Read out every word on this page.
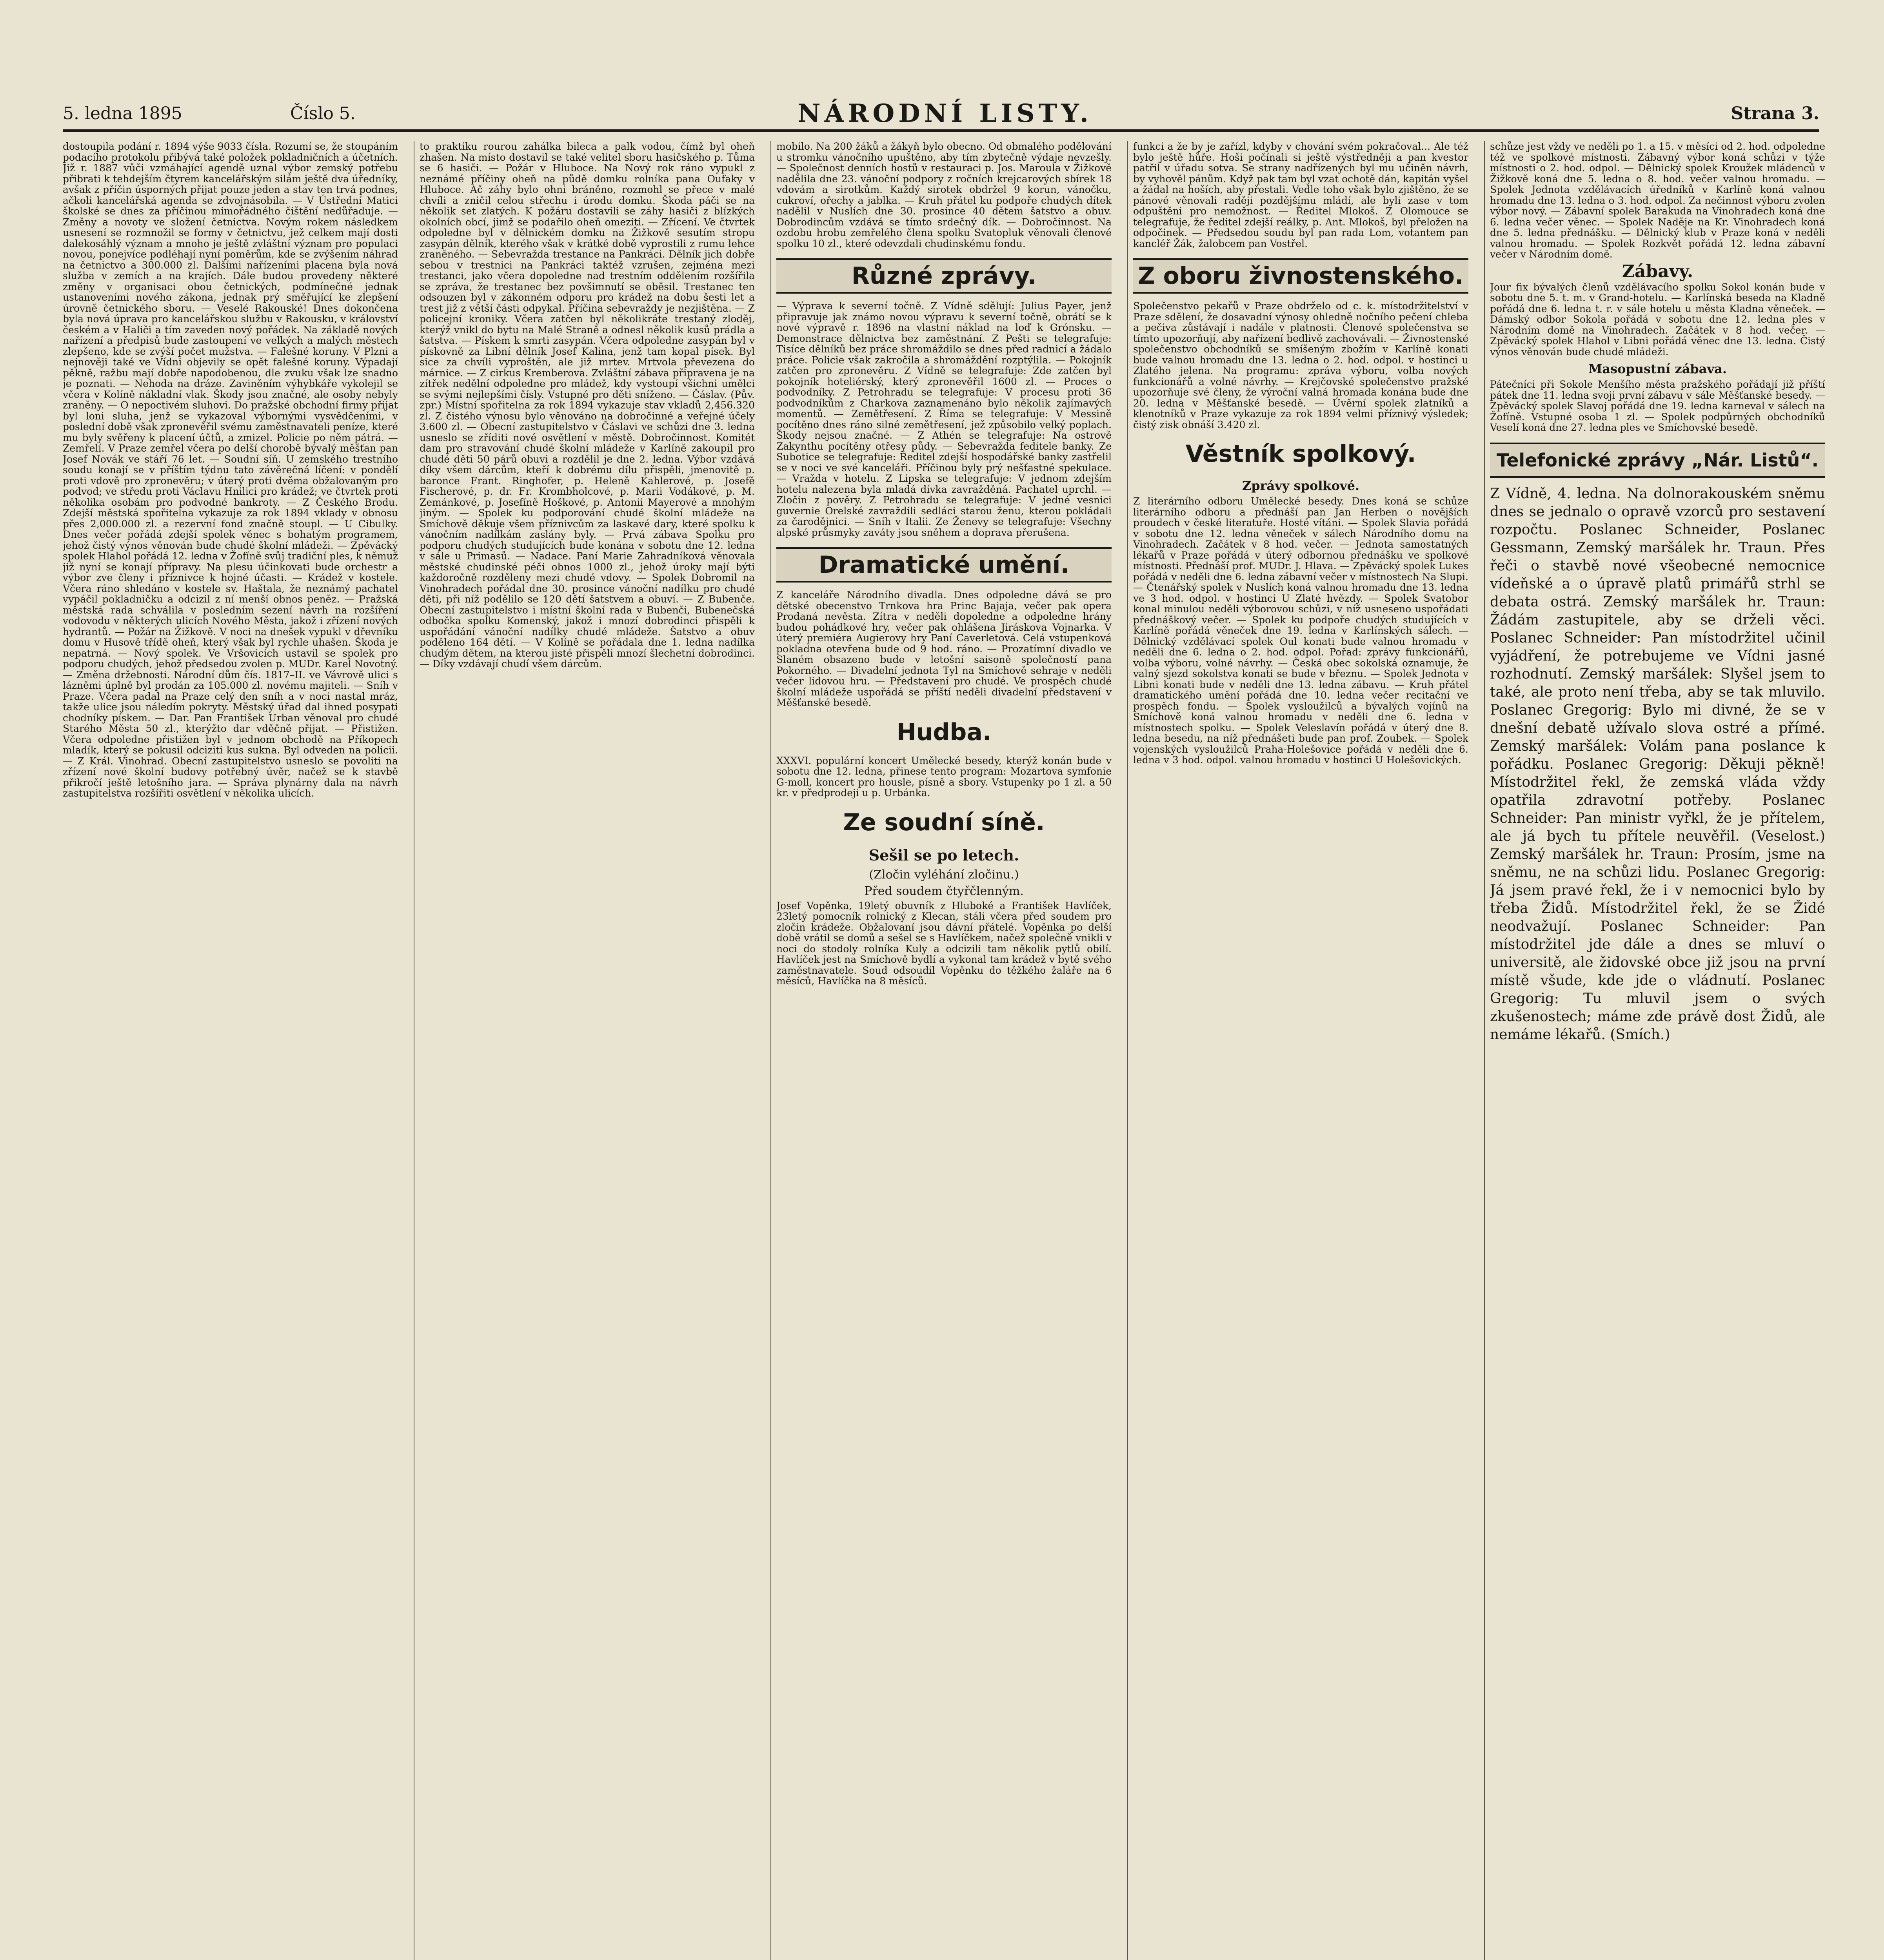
5. ledna 1895	Číslo 5.	NÁRODNÍ LISTY.	Strana 3.
dostoupila podání r. 1894 výše 9033 čísla. Rozumí se, že stoupáním podacího protokolu přibývá také položek pokladničních a účetních. Již r. 1887 vůči vzmáhající agendě uznal výbor zemský potřebu přibrati k tehdejším čtyrem kancelářským silám ještě dva úředníky, avšak z příčin úsporných přijat pouze jeden a stav ten trvá podnes, ačkoli kancelářská agenda se zdvojnásobila. — V Ústřední Matici školské se dnes za příčinou mimořádného čištění nedůřaduje. — Změny a novoty ve složení četnictva. Novým rokem následkem usnesení se rozmnožil se formy v četnictvu, jež celkem mají dosti dalekosáhlý význam a mnoho je ještě zvláštní význam pro populaci novou, ponejvíce podléhají nyní poměrům, kde se zvýšením náhrad na četnictvo a 300.000 zl. Dalšími nařízeními placena byla nová služba v zemích a na krajích. Dále budou provedeny některé změny v organisaci obou četnických, podmínečné jednak ustanoveními nového zákona, jednak prý směřující ke zlepšení úrovně četnického sboru. — Veselé Rakouské! Dnes dokončena byla nová úprava pro kancelářskou službu v Rakousku, v království českém a v Haliči a tím zaveden nový pořádek. Na základě nových nařízení a předpisů bude zastoupení ve velkých a malých městech zlepšeno, kde se zvýší počet mužstva. — Falešné koruny. V Plzni a nejnověji také ve Vídni objevily se opět falešné koruny. Výpadají pěkně, ražbu mají dobře napodobenou, dle zvuku však lze snadno je poznati. — Nehoda na dráze. Zaviněním výhybkáře vykolejil se včera v Kolíně nákladní vlak. Škody jsou značné, ale osoby nebyly zraněny. — O nepoctivém sluhovi. Do pražské obchodní firmy přijat byl loni sluha, jenž se vykazoval výbornými vysvědčeními, v poslední době však zpronevěřil svému zaměstnavateli peníze, které mu byly svěřeny k placení účtů, a zmizel. Policie po něm pátrá. — Zemřelí. V Praze zemřel včera po delší chorobě bývalý měšťan pan Josef Novák ve stáří 76 let. — Soudní síň. U zemského trestního soudu konají se v příštím týdnu tato závěrečná líčení: v pondělí proti vdově pro zpronevěru; v úterý proti dvěma obžalovaným pro podvod; ve středu proti Václavu Hnilici pro krádež; ve čtvrtek proti několika osobám pro podvodné bankroty. — Z Českého Brodu. Zdejší městská spořitelna vykazuje za rok 1894 vklady v obnosu přes 2,000.000 zl. a rezervní fond značně stoupl. — U Cibulky. Dnes večer pořádá zdejší spolek věnec s bohatým programem, jehož čistý výnos věnován bude chudé školní mládeži. — Zpěvácký spolek Hlahol pořádá 12. ledna v Žofíně svůj tradiční ples, k němuž již nyní se konají přípravy. Na plesu účinkovati bude orchestr a výbor zve členy i příznivce k hojné účasti. — Krádež v kostele. Včera ráno shledáno v kostele sv. Haštala, že neznámý pachatel vypáčil pokladničku a odcizil z ní menší obnos peněz. — Pražská městská rada schválila v posledním sezení návrh na rozšíření vodovodu v některých ulicích Nového Města, jakož i zřízení nových hydrantů. — Požár na Žižkově. V noci na dnešek vypukl v dřevníku domu v Husově třídě oheň, který však byl rychle uhašen. Škoda je nepatrná. — Nový spolek. Ve Vršovicích ustavil se spolek pro podporu chudých, jehož předsedou zvolen p. MUDr. Karel Novotný. — Změna držebnosti. Národní dům čís. 1817–II. ve Vávrově ulici s lázněmi úplně byl prodán za 105.000 zl. novému majiteli. — Sníh v Praze. Včera padal na Praze celý den sníh a v noci nastal mráz, takže ulice jsou náledím pokryty. Městský úřad dal ihned posypati chodníky pískem. — Dar. Pan František Urban věnoval pro chudé Starého Města 50 zl., kterýžto dar vděčně přijat. — Přistižen. Včera odpoledne přistižen byl v jednom obchodě na Příkopech mladík, který se pokusil odciziti kus sukna. Byl odveden na policii. — Z Král. Vinohrad. Obecní zastupitelstvo usneslo se povoliti na zřízení nové školní budovy potřebný úvěr, načež se k stavbě přikročí ještě letošního jara. — Správa plynárny dala na návrh zastupitelstva rozšířiti osvětlení v několika ulicích.
to praktiku rourou zahálka bileca a palk vodou, čímž byl oheň zhašen. Na místo dostavil se také velitel sboru hasičského p. Tůma se 6 hasiči. — Požár v Hluboce. Na Nový rok ráno vypukl z neznámé příčiny oheň na půdě domku rolníka pana Oufaky v Hluboce. Ač záhy bylo ohni bráněno, rozmohl se přece v malé chvíli a zničil celou střechu i úrodu domku. Škoda páči se na několik set zlatých. K požáru dostavili se záhy hasiči z blízkých okolních obcí, jimž se podařilo oheň omeziti. — Zřícení. Ve čtvrtek odpoledne byl v dělnickém domku na Žižkově sesutím stropu zasypán dělník, kterého však v krátké době vyprostili z rumu lehce zraněného. — Sebevražda trestance na Pankráci. Dělník jich dobře sebou v trestnici na Pankráci taktéž vzrušen, zejména mezi trestanci, jako včera dopoledne nad trestním oddělením rozšířila se zpráva, že trestanec bez povšimnutí se oběsil. Trestanec ten odsouzen byl v zákonném odporu pro krádež na dobu šesti let a trest již z větší části odpykal. Příčina sebevraždy je nezjištěna. — Z policejní kroniky. Včera zatčen byl několikráte trestaný zloděj, kterýž vnikl do bytu na Malé Straně a odnesl několik kusů prádla a šatstva. — Pískem k smrti zasypán. Včera odpoledne zasypán byl v pískovně za Libní dělník Josef Kalina, jenž tam kopal písek. Byl sice za chvíli vyproštěn, ale již mrtev. Mrtvola převezena do márnice. — Z cirkus Kremberova. Zvláštní zábava připravena je na zítřek nedělní odpoledne pro mládež, kdy vystoupí všichni umělci se svými nejlepšími čísly. Vstupné pro děti sníženo. — Čáslav. (Pův. zpr.) Místní spořitelna za rok 1894 vykazuje stav vkladů 2,456.320 zl. Z čistého výnosu bylo věnováno na dobročinné a veřejné účely 3.600 zl. — Obecní zastupitelstvo v Čáslavi ve schůzi dne 3. ledna usneslo se zříditi nové osvětlení v městě. Dobročinnost. Komitét dam pro stravování chudé školní mládeže v Karlíně zakoupil pro chudé děti 50 párů obuvi a rozdělil je dne 2. ledna. Výbor vzdává díky všem dárcům, kteří k dobrému dílu přispěli, jmenovitě p. baronce Frant. Ringhofer, p. Heleně Kahlerové, p. Josefě Fischerové, p. dr. Fr. Krombholcové, p. Marii Vodákové, p. M. Zemánkové, p. Josefíně Hoškové, p. Antonii Mayerové a mnohým jiným. — Spolek ku podporování chudé školní mládeže na Smíchově děkuje všem příznivcům za laskavé dary, které spolku k vánočním nadílkám zaslány byly. — Prvá zábava Spolku pro podporu chudých studujících bude konána v sobotu dne 12. ledna v sále u Primasů. — Nadace. Paní Marie Zahradníková věnovala městské chudinské péči obnos 1000 zl., jehož úroky mají býti každoročně rozděleny mezi chudé vdovy. — Spolek Dobromil na Vinohradech pořádal dne 30. prosince vánoční nadílku pro chudé děti, při níž podělilo se 120 dětí šatstvem a obuví. — Z Bubenče. Obecní zastupitelstvo i místní školní rada v Bubenči, Bubenečská odbočka spolku Komenský, jakož i mnozí dobrodinci přispěli k uspořádání vánoční nadílky chudé mládeže. Šatstvo a obuv poděleno 164 dětí. — V Kolíně se pořádala dne 1. ledna nadílka chudým dětem, na kterou jisté přispěli mnozí šlechetní dobrodinci. — Díky vzdávají chudí všem dárcům.
mobilo. Na 200 žáků a žákyň bylo obecno. Od obmalého podělování u stromku vánočního upuštěno, aby tím zbytečně výdaje nevzešly. — Společnost denních hostů v restauraci p. Jos. Maroula v Žižkově nadělila dne 23. vánoční podpory z ročních krejcarových sbírek 18 vdovám a sirotkům. Každý sirotek obdržel 9 korun, vánočku, cukroví, ořechy a jablka. — Kruh přátel ku podpoře chudých dítek nadělil v Nuslích dne 30. prosince 40 dětem šatstvo a obuv. Dobrodincům vzdává se tímto srdečný dík. — Dobročinnost. Na ozdobu hrobu zemřelého člena spolku Svatopluk věnovali členové spolku 10 zl., které odevzdali chudinskému fondu.
Různé zprávy.
— Výprava k severní točně. Z Vídně sdělují: Julius Payer, jenž připravuje jak známo novou výpravu k severní točně, obrátí se k nové výpravě r. 1896 na vlastní náklad na loď k Grónsku. — Demonstrace dělnictva bez zaměstnání. Z Pešti se telegrafuje: Tisíce dělníků bez práce shromáždilo se dnes před radnicí a žádalo práce. Policie však zakročila a shromáždění rozptýlila. — Pokojník zatčen pro zpronevěru. Z Vídně se telegrafuje: Zde zatčen byl pokojník hoteliérský, který zpronevěřil 1600 zl. — Proces o podvodníky. Z Petrohradu se telegrafuje: V procesu proti 36 podvodníkům z Charkova zaznamenáno bylo několik zajímavých momentů. — Zemětřesení. Z Říma se telegrafuje: V Messině pocítěno dnes ráno silné zemětřesení, jež způsobilo velký poplach. Škody nejsou značné. — Z Athén se telegrafuje: Na ostrově Zakynthu pocítěny otřesy půdy. — Sebevražda feditele banky. Ze Subotice se telegrafuje: Ředitel zdejší hospodářské banky zastřelil se v noci ve své kanceláři. Příčinou byly prý nešťastné spekulace. — Vražda v hotelu. Z Lipska se telegrafuje: V jednom zdejším hotelu nalezena byla mladá dívka zavražděná. Pachatel uprchl. — Zločin z pověry. Z Petrohradu se telegrafuje: V jedné vesnici guvernie Orelské zavraždili sedláci starou ženu, kterou pokládali za čarodějnici. — Sníh v Italii. Ze Ženevy se telegrafuje: Všechny alpské průsmyky zaváty jsou sněhem a doprava přerušena.
Dramatické umění.
Z kanceláře Národního divadla. Dnes odpoledne dává se pro dětské obecenstvo Trnkova hra Princ Bajaja, večer pak opera Prodaná nevěsta. Zítra v neděli dopoledne a odpoledne hrány budou pohádkové hry, večer pak ohlášena Jiráskova Vojnarka. V úterý premiéra Augierovy hry Paní Caverletová. Celá vstupenková pokladna otevřena bude od 9 hod. ráno. — Prozatímní divadlo ve Slaném obsazeno bude v letošní saisoně společností pana Pokorného. — Divadelní jednota Tyl na Smíchově sehraje v neděli večer lidovou hru. — Představení pro chudé. Ve prospěch chudé školní mládeže uspořádá se příští neděli divadelní představení v Měšťanské besedě.
Hudba.
XXXVI. populární koncert Umělecké besedy, kterýž konán bude v sobotu dne 12. ledna, přinese tento program: Mozartova symfonie G-moll, koncert pro housle, písně a sbory. Vstupenky po 1 zl. a 50 kr. v předprodeji u p. Urbánka.
Ze soudní síně.
Sešil se po letech.
(Zločin vyléhání zločinu.)
Před soudem čtyřčlenným.
Josef Vopěnka, 19letý obuvník z Hluboké a František Havlíček, 23letý pomocník rolnický z Klecan, stáli včera před soudem pro zločin krádeže. Obžalovaní jsou dávní přátelé. Vopěnka po delší době vrátil se domů a sešel se s Havlíčkem, načež společně vnikli v noci do stodoly rolníka Kuly a odcizili tam několik pytlů obilí. Havlíček jest na Smíchově bydlí a vykonal tam krádež v bytě svého zaměstnavatele. Soud odsoudil Vopěnku do těžkého žaláře na 6 měsíců, Havlíčka na 8 měsíců.
funkci a že by je zařízl, kdyby v chování svém pokračoval... Ale též bylo ještě hůře. Hoši počínali si ještě výstředněji a pan kvestor patřil v úřadu sotva. Se strany nadřízených byl mu učiněn návrh, by vyhověl pánům. Když pak tam byl vzat ochotě dán, kapitán vyšel a žádal na hoších, aby přestali. Vedle toho však bylo zjištěno, že se pánové věnovali raději pozdějšímu mládí, ale byli zase v tom odpuštěni pro nemožnost. — Ředitel Mlokoš. Z Olomouce se telegrafuje, že ředitel zdejší reálky, p. Ant. Mlokoš, byl přeložen na odpočinek. — Předsedou soudu byl pan rada Lom, votantem pan kancléř Žák, žalobcem pan Vostřel.
Z oboru živnostenského.
Společenstvo pekařů v Praze obdrželo od c. k. místodržitelství v Praze sdělení, že dosavadní výnosy ohledně nočního pečení chleba a pečiva zůstávají i nadále v platnosti. Členové společenstva se tímto upozorňují, aby nařízení bedlivě zachovávali. — Živnostenské společenstvo obchodníků se smíšeným zbožím v Karlíně konati bude valnou hromadu dne 13. ledna o 2. hod. odpol. v hostinci u Zlatého jelena. Na programu: zpráva výboru, volba nových funkcionářů a volné návrhy. — Krejčovské společenstvo pražské upozorňuje své členy, že výroční valná hromada konána bude dne 20. ledna v Měšťanské besedě. — Úvěrní spolek zlatníků a klenotníků v Praze vykazuje za rok 1894 velmi příznivý výsledek; čistý zisk obnáší 3.420 zl.
Věstník spolkový.
Zprávy spolkové.
Z literárního odboru Umělecké besedy. Dnes koná se schůze literárního odboru a přednáší pan Jan Herben o novějších proudech v české literatuře. Hosté vítáni. — Spolek Slavia pořádá v sobotu dne 12. ledna věneček v sálech Národního domu na Vinohradech. Začátek v 8 hod. večer. — Jednota samostatných lékařů v Praze pořádá v úterý odbornou přednášku ve spolkové místnosti. Přednáší prof. MUDr. J. Hlava. — Zpěvácký spolek Lukes pořádá v neděli dne 6. ledna zábavní večer v místnostech Na Slupi. — Čtenářský spolek v Nuslích koná valnou hromadu dne 13. ledna ve 3 hod. odpol. v hostinci U Zlaté hvězdy. — Spolek Svatobor konal minulou neděli výborovou schůzi, v níž usneseno uspořádati přednáškový večer. — Spolek ku podpoře chudých studujících v Karlíně pořádá věneček dne 19. ledna v Karlínských sálech. — Dělnický vzdělávací spolek Oul konati bude valnou hromadu v neděli dne 6. ledna o 2. hod. odpol. Pořad: zprávy funkcionářů, volba výboru, volné návrhy. — Česká obec sokolská oznamuje, že valný sjezd sokolstva konati se bude v březnu. — Spolek Jednota v Libni konati bude v neděli dne 13. ledna zábavu. — Kruh přátel dramatického umění pořádá dne 10. ledna večer recitační ve prospěch fondu. — Spolek vysloužilců a bývalých vojínů na Smíchově koná valnou hromadu v neděli dne 6. ledna v místnostech spolku. — Spolek Veleslavín pořádá v úterý dne 8. ledna besedu, na níž přednášeti bude pan prof. Zoubek. — Spolek vojenských vysloužilců Praha-Holešovice pořádá v neděli dne 6. ledna v 3 hod. odpol. valnou hromadu v hostinci U Holešovických.
schůze jest vždy ve neděli po 1. a 15. v měsíci od 2. hod. odpoledne též ve spolkové místnosti. Zábavný výbor koná schůzi v týže místnosti o 2. hod. odpol. — Dělnický spolek Kroužek mládenců v Žižkově koná dne 5. ledna o 8. hod. večer valnou hromadu. — Spolek Jednota vzdělávacích úředníků v Karlíně koná valnou hromadu dne 13. ledna o 3. hod. odpol. Za nečinnost výboru zvolen výbor nový. — Zábavní spolek Barakuda na Vinohradech koná dne 6. ledna večer věnec. — Spolek Naděje na Kr. Vinohradech koná dne 5. ledna přednášku. — Dělnický klub v Praze koná v neděli valnou hromadu. — Spolek Rozkvět pořádá 12. ledna zábavní večer v Národním domě.
Zábavy.
Jour fix bývalých členů vzdělávacího spolku Sokol konán bude v sobotu dne 5. t. m. v Grand-hotelu. — Karlínská beseda na Kladně pořádá dne 6. ledna t. r. v sále hotelu u města Kladna věneček. — Dámský odbor Sokola pořádá v sobotu dne 12. ledna ples v Národním domě na Vinohradech. Začátek v 8 hod. večer. — Zpěvácký spolek Hlahol v Libni pořádá věnec dne 13. ledna. Čistý výnos věnován bude chudé mládeži.
Masopustní zábava.
Pátečníci při Sokole Menšího města pražského pořádají již příští pátek dne 11. ledna svoji první zábavu v sále Měšťanské besedy. — Zpěvácký spolek Slavoj pořádá dne 19. ledna karneval v sálech na Žofíně. Vstupné osoba 1 zl. — Spolek podpůrných obchodníků Veselí koná dne 27. ledna ples ve Smíchovské besedě.
Telefonické zprávy „Nár. Listů“.
Z Vídně, 4. ledna. Na dolnorakouském sněmu dnes se jednalo o opravě vzorců pro sestavení rozpočtu. Poslanec Schneider, Poslanec Gessmann, Zemský maršálek hr. Traun. Přes řeči o stavbě nové všeobecné nemocnice vídeňské a o úpravě platů primářů strhl se debata ostrá. Zemský maršálek hr. Traun: Žádám zastupitele, aby se drželi věci. Poslanec Schneider: Pan místodržitel učinil vyjádření, že potrebujeme ve Vídni jasné rozhodnutí. Zemský maršálek: Slyšel jsem to také, ale proto není třeba, aby se tak mluvilo. Poslanec Gregorig: Bylo mi divné, že se v dnešní debatě užívalo slova ostré a přímé. Zemský maršálek: Volám pana poslance k pořádku. Poslanec Gregorig: Děkuji pěkně! Místodržitel řekl, že zemská vláda vždy opatřila zdravotní potřeby. Poslanec Schneider: Pan ministr vyřkl, že je přítelem, ale já bych tu přítele neuvěřil. (Veselost.) Zemský maršálek hr. Traun: Prosím, jsme na sněmu, ne na schůzi lidu. Poslanec Gregorig: Já jsem pravé řekl, že i v nemocnici bylo by třeba Židů. Místodržitel řekl, že se Židé neodvažují. Poslanec Schneider: Pan místodržitel jde dále a dnes se mluví o universitě, ale židovské obce již jsou na první místě všude, kde jde o vládnutí. Poslanec Gregorig: Tu mluvil jsem o svých zkušenostech; máme zde právě dost Židů, ale nemáme lékařů. (Smích.)
